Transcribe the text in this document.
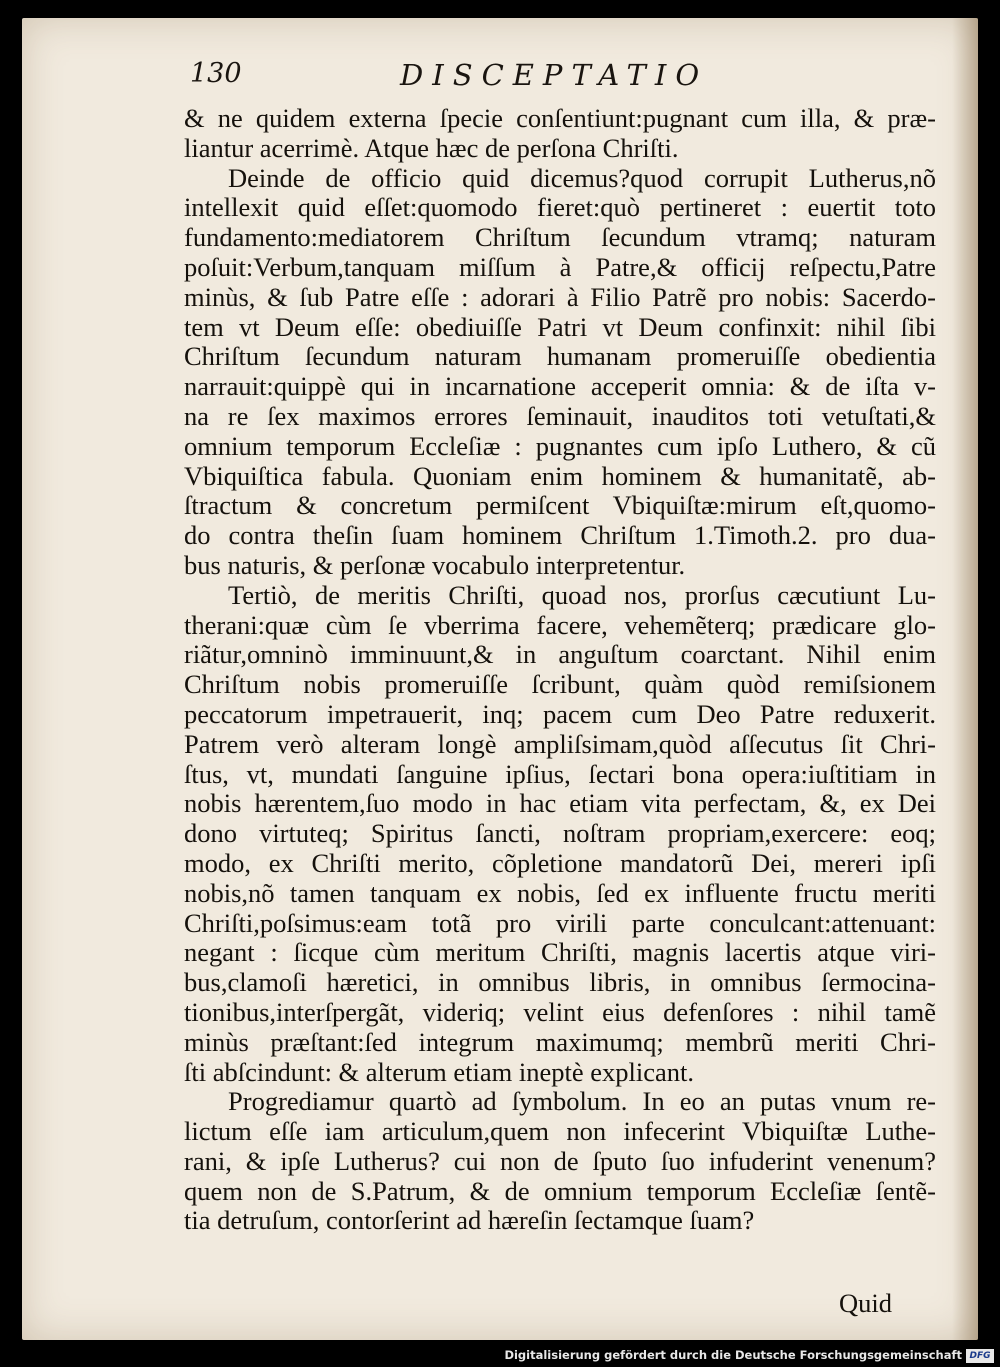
130	DISCEPTATIO
& ne quidem externa ſpecie conſentiunt:pugnant cum illa, & præ-
liantur acerrimè. Atque hæc de perſona Chriſti.
Deinde de officio quid dicemus?quod corrupit Lutherus,nõ
intellexit quid eſſet:quomodo fieret:quò pertineret : euertit toto
fundamento:mediatorem Chriſtum ſecundum vtramq; naturam
poſuit:Verbum,tanquam miſſum à Patre,& officij reſpectu,Patre
minùs, & ſub Patre eſſe : adorari à Filio Patrẽ pro nobis: Sacerdo-
tem vt Deum eſſe: obediuiſſe Patri vt Deum confinxit: nihil ſibi
Chriſtum ſecundum naturam humanam promeruiſſe obedientia
narrauit:quippè qui in incarnatione acceperit omnia: & de iſta v-
na re ſex maximos errores ſeminauit, inauditos toti vetuſtati,&
omnium temporum Eccleſiæ : pugnantes cum ipſo Luthero, & cũ
Vbiquiſtica fabula. Quoniam enim hominem & humanitatẽ, ab-
ſtractum & concretum permiſcent Vbiquiſtæ:mirum eſt,quomo-
do contra theſin ſuam hominem Chriſtum 1.Timoth.2. pro dua-
bus naturis, & perſonæ vocabulo interpretentur.
Tertiò, de meritis Chriſti, quoad nos, prorſus cæcutiunt Lu-
therani:quæ cùm ſe vberrima facere, vehemẽterq; prædicare glo-
riãtur,omninò imminuunt,& in anguſtum coarctant. Nihil enim
Chriſtum nobis promeruiſſe ſcribunt, quàm quòd remiſsionem
peccatorum impetrauerit, inq; pacem cum Deo Patre reduxerit.
Patrem verò alteram longè ampliſsimam,quòd aſſecutus ſit Chri-
ſtus, vt, mundati ſanguine ipſius, ſectari bona opera:iuſtitiam in
nobis hærentem,ſuo modo in hac etiam vita perfectam, &, ex Dei
dono virtuteq; Spiritus ſancti, noſtram propriam,exercere: eoq;
modo, ex Chriſti merito, cõpletione mandatorũ Dei, mereri ipſi
nobis,nõ tamen tanquam ex nobis, ſed ex influente fructu meriti
Chriſti,poſsimus:eam totã pro virili parte conculcant:attenuant:
negant : ſicque cùm meritum Chriſti, magnis lacertis atque viri-
bus,clamoſi hæretici, in omnibus libris, in omnibus ſermocina-
tionibus,interſpergãt, videriq; velint eius defenſores : nihil tamẽ
minùs præſtant:ſed integrum maximumq; membrũ meriti Chri-
ſti abſcindunt: & alterum etiam ineptè explicant.
Progrediamur quartò ad ſymbolum. In eo an putas vnum re-
lictum eſſe iam articulum,quem non infecerint Vbiquiſtæ Luthe-
rani, & ipſe Lutherus? cui non de ſputo ſuo infuderint venenum?
quem non de S.Patrum, & de omnium temporum Eccleſiæ ſentẽ-
tia detruſum, contorſerint ad hæreſin ſectamque ſuam?
Quid
Digitalisierung gefördert durch die Deutsche Forschungsgemeinschaft DFG
